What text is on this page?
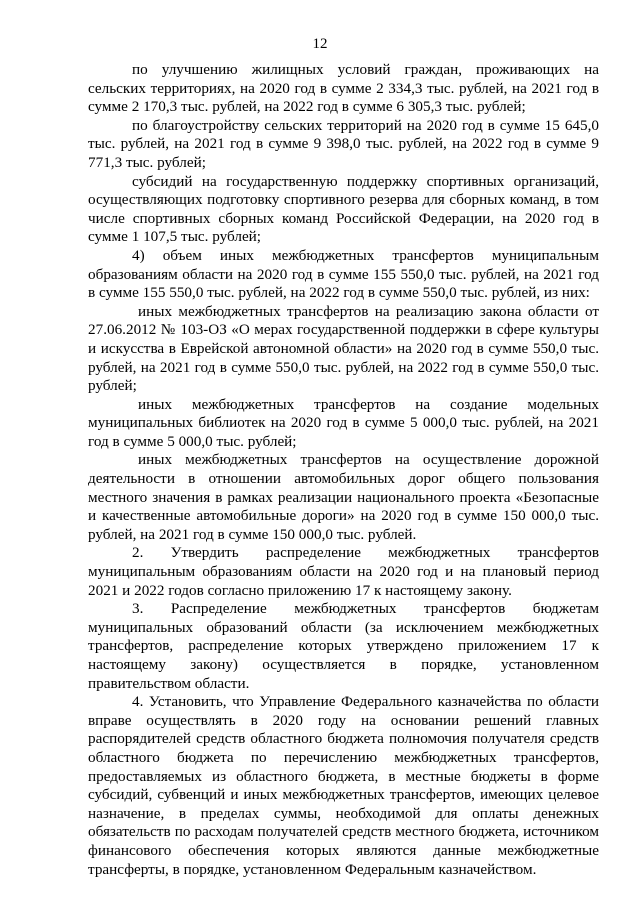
12

по улучшению жилищных условий граждан, проживающих на сельских территориях, на 2020 год в сумме 2 334,3 тыс. рублей, на 2021 год в сумме 2 170,3 тыс. рублей, на 2022 год в сумме 6 305,3 тыс. рублей;

по благоустройству сельских территорий на 2020 год в сумме 15 645,0 тыс. рублей, на 2021 год в сумме 9 398,0 тыс. рублей, на 2022 год в сумме 9 771,3 тыс. рублей;

субсидий на государственную поддержку спортивных организаций, осуществляющих подготовку спортивного резерва для сборных команд, в том числе спортивных сборных команд Российской Федерации, на 2020 год в сумме 1 107,5 тыс. рублей;

4) объем иных межбюджетных трансфертов муниципальным образованиям области на 2020 год в сумме 155 550,0 тыс. рублей, на 2021 год в сумме 155 550,0 тыс. рублей, на 2022 год в сумме 550,0 тыс. рублей, из них:

иных межбюджетных трансфертов на реализацию закона области от 27.06.2012 № 103-ОЗ «О мерах государственной поддержки в сфере культуры и искусства в Еврейской автономной области» на 2020 год в сумме 550,0 тыс. рублей, на 2021 год в сумме 550,0 тыс. рублей, на 2022 год в сумме 550,0 тыс. рублей;

иных межбюджетных трансфертов на создание модельных муниципальных библиотек на 2020 год в сумме 5 000,0 тыс. рублей, на 2021 год в сумме 5 000,0 тыс. рублей;

иных межбюджетных трансфертов на осуществление дорожной деятельности в отношении автомобильных дорог общего пользования местного значения в рамках реализации национального проекта «Безопасные и качественные автомобильные дороги» на 2020 год в сумме 150 000,0 тыс. рублей, на 2021 год в сумме 150 000,0 тыс. рублей.

2. Утвердить распределение межбюджетных трансфертов муниципальным образованиям области на 2020 год и на плановый период 2021 и 2022 годов согласно приложению 17 к настоящему закону.

3. Распределение межбюджетных трансфертов бюджетам муниципальных образований области (за исключением межбюджетных трансфертов, распределение которых утверждено приложением 17 к настоящему закону) осуществляется в порядке, установленном правительством области.

4. Установить, что Управление Федерального казначейства по области вправе осуществлять в 2020 году на основании решений главных распорядителей средств областного бюджета полномочия получателя средств областного бюджета по перечислению межбюджетных трансфертов, предоставляемых из областного бюджета, в местные бюджеты в форме субсидий, субвенций и иных межбюджетных трансфертов, имеющих целевое назначение, в пределах суммы, необходимой для оплаты денежных обязательств по расходам получателей средств местного бюджета, источником финансового обеспечения которых являются данные межбюджетные трансферты, в порядке, установленном Федеральным казначейством.
